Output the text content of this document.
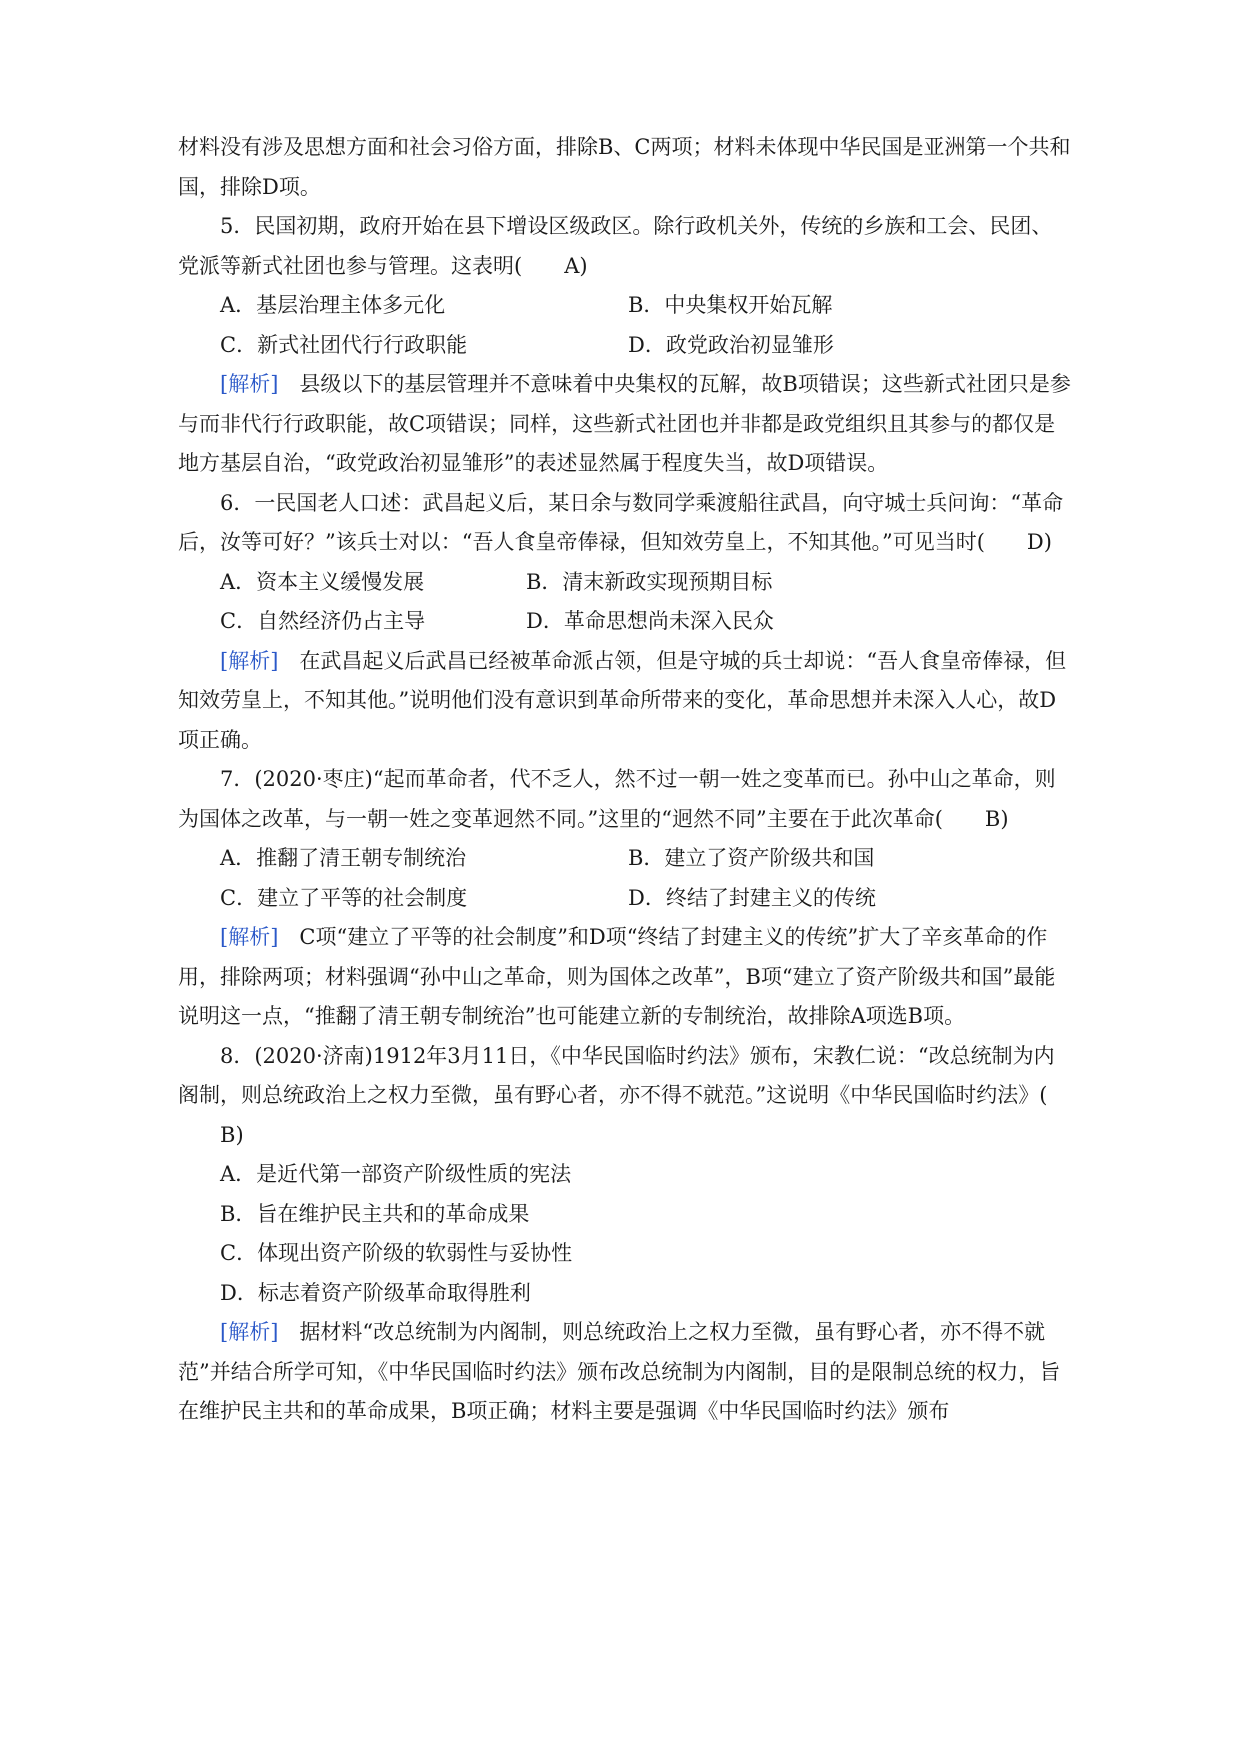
材料没有涉及思想方面和社会习俗方面，排除B、C两项；材料未体现中华民国是亚洲第一个共和国，排除D项。

5．民国初期，政府开始在县下增设区级政区。除行政机关外，传统的乡族和工会、民团、党派等新式社团也参与管理。这表明( A)

A．基层治理主体多元化	B．中央集权开始瓦解
C．新式社团代行行政职能	D．政党政治初显雏形

[解析]　 县级以下的基层管理并不意味着中央集权的瓦解，故B项错误；这些新式社团只是参与而非代行行政职能，故C项错误；同样，这些新式社团也并非都是政党组织且其参与的都仅是地方基层自治，“政党政治初显雏形”的表述显然属于程度失当，故D项错误。

6．一民国老人口述：武昌起义后，某日余与数同学乘渡船往武昌，向守城士兵问询：“革命后，汝等可好？”该兵士对以：“吾人食皇帝俸禄，但知效劳皇上，不知其他。”可见当时( D)

A．资本主义缓慢发展	B．清末新政实现预期目标
C．自然经济仍占主导	D．革命思想尚未深入民众

[解析]　 在武昌起义后武昌已经被革命派占领，但是守城的兵士却说：“吾人食皇帝俸禄，但知效劳皇上，不知其他。”说明他们没有意识到革命所带来的变化，革命思想并未深入人心，故D项正确。

7．(2020·枣庄)“起而革命者，代不乏人，然不过一朝一姓之变革而已。孙中山之革命，则为国体之改革，与一朝一姓之变革迥然不同。”这里的“迥然不同”主要在于此次革命( B)

A．推翻了清王朝专制统治	B．建立了资产阶级共和国
C．建立了平等的社会制度	D．终结了封建主义的传统

[解析]　 C项“建立了平等的社会制度”和D项“终结了封建主义的传统”扩大了辛亥革命的作用，排除两项；材料强调“孙中山之革命，则为国体之改革”，B项“建立了资产阶级共和国”最能说明这一点，“推翻了清王朝专制统治”也可能建立新的专制统治，故排除A项选B项。

8．(2020·济南)1912年3月11日，《中华民国临时约法》颁布，宋教仁说：“改总统制为内阁制，则总统政治上之权力至微，虽有野心者，亦不得不就范。”这说明《中华民国临时约法》(B)

A．是近代第一部资产阶级性质的宪法

B．旨在维护民主共和的革命成果

C．体现出资产阶级的软弱性与妥协性

D．标志着资产阶级革命取得胜利

[解析]　 据材料“改总统制为内阁制，则总统政治上之权力至微，虽有野心者，亦不得不就范”并结合所学可知，《中华民国临时约法》颁布改总统制为内阁制，目的是限制总统的权力，旨在维护民主共和的革命成果，B项正确；材料主要是强调《中华民国临时约法》颁布
